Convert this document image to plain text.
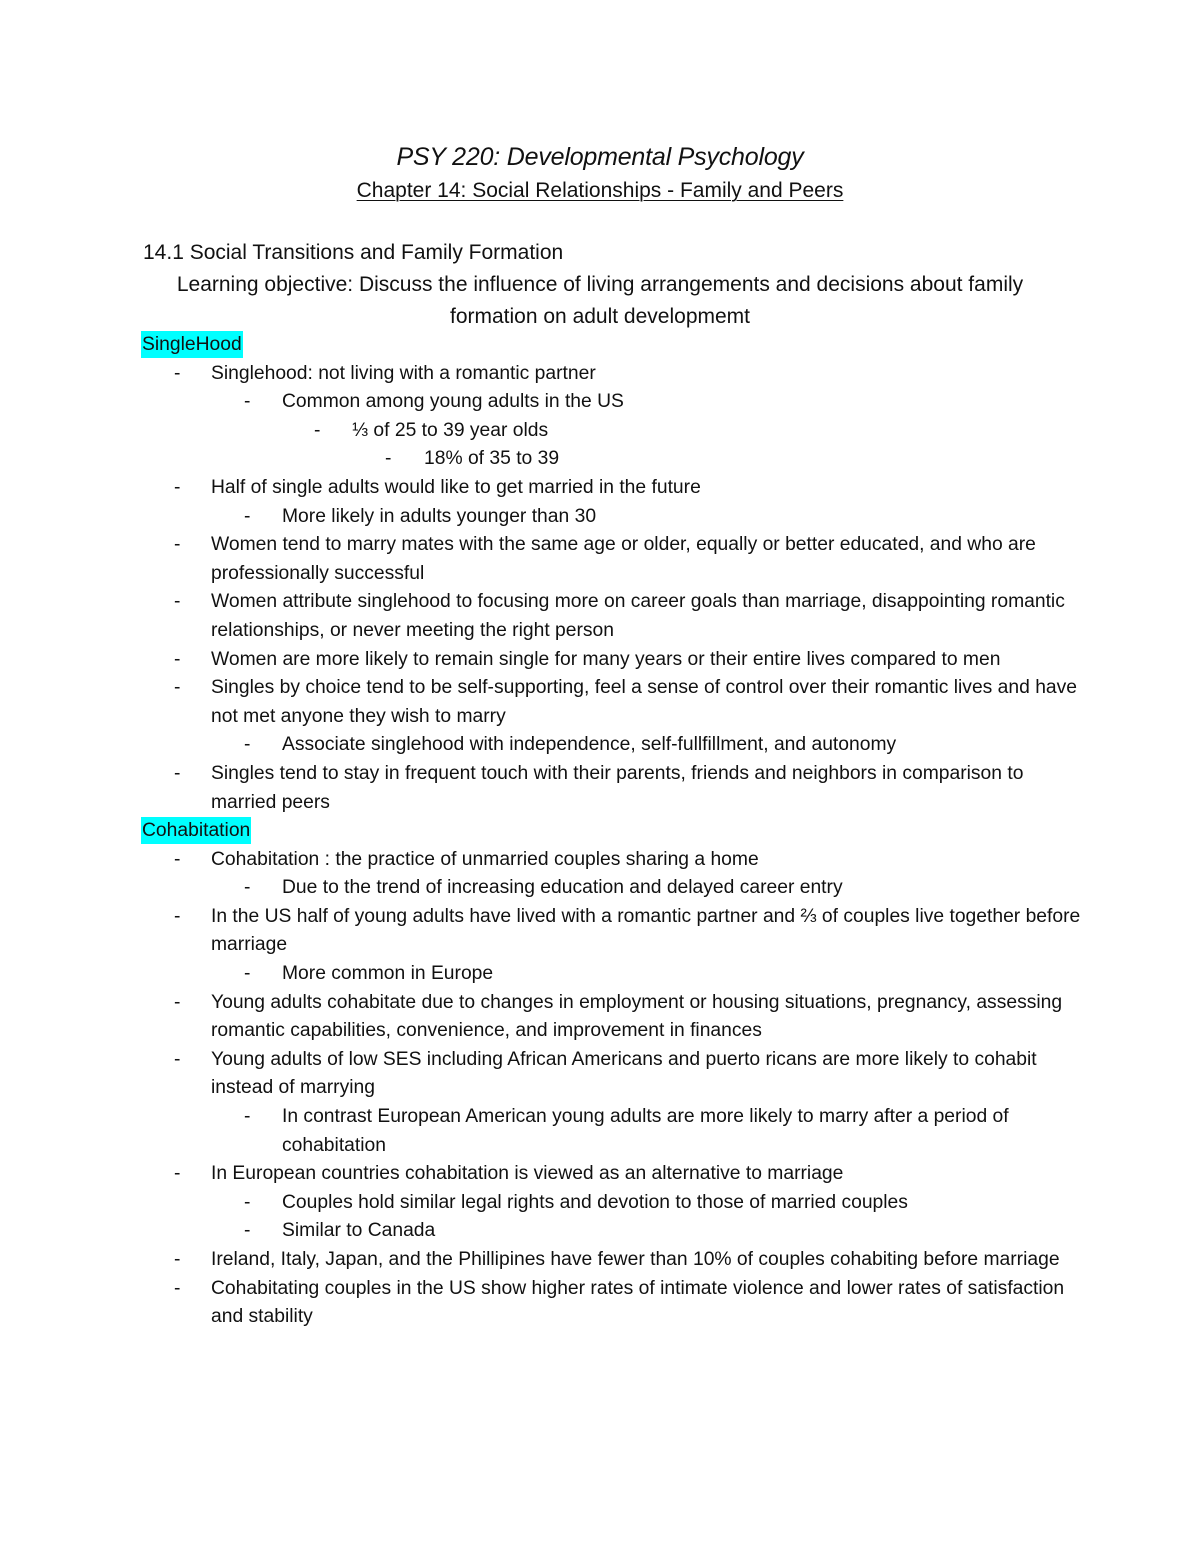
PSY 220: Developmental Psychology
Chapter 14: Social Relationships - Family and Peers
14.1 Social Transitions and Family Formation
Learning objective: Discuss the influence of living arrangements and decisions about family formation on adult developmemt
SingleHood
- Singlehood: not living with a romantic partner
- Common among young adults in the US
- ⅓ of 25 to 39 year olds
- 18% of 35 to 39
- Half of single adults would like to get married in the future
- More likely in adults younger than 30
- Women tend to marry mates with the same age or older, equally or better educated, and who are professionally successful
- Women attribute singlehood to focusing more on career goals than marriage, disappointing romantic relationships, or never meeting the right person
- Women are more likely to remain single for many years or their entire lives compared to men
- Singles by choice tend to be self-supporting, feel a sense of control over their romantic lives and have not met anyone they wish to marry
- Associate singlehood with independence, self-fullfillment, and autonomy
- Singles tend to stay in frequent touch with their parents, friends and neighbors in comparison to married peers
Cohabitation
- Cohabitation : the practice of unmarried couples sharing a home
- Due to the trend of increasing education and delayed career entry
- In the US half of young adults have lived with a romantic partner and ⅔ of couples live together before marriage
- More common in Europe
- Young adults cohabitate due to changes in employment or housing situations, pregnancy, assessing romantic capabilities, convenience, and improvement in finances
- Young adults of low SES including African Americans and puerto ricans are more likely to cohabit instead of marrying
- In contrast European American young adults are more likely to marry after a period of cohabitation
- In European countries cohabitation is viewed as an alternative to marriage
- Couples hold similar legal rights and devotion to those of married couples
- Similar to Canada
- Ireland, Italy, Japan, and the Phillipines have fewer than 10% of couples cohabiting before marriage
- Cohabitating couples in the US show higher rates of intimate violence and lower rates of satisfaction and stability
